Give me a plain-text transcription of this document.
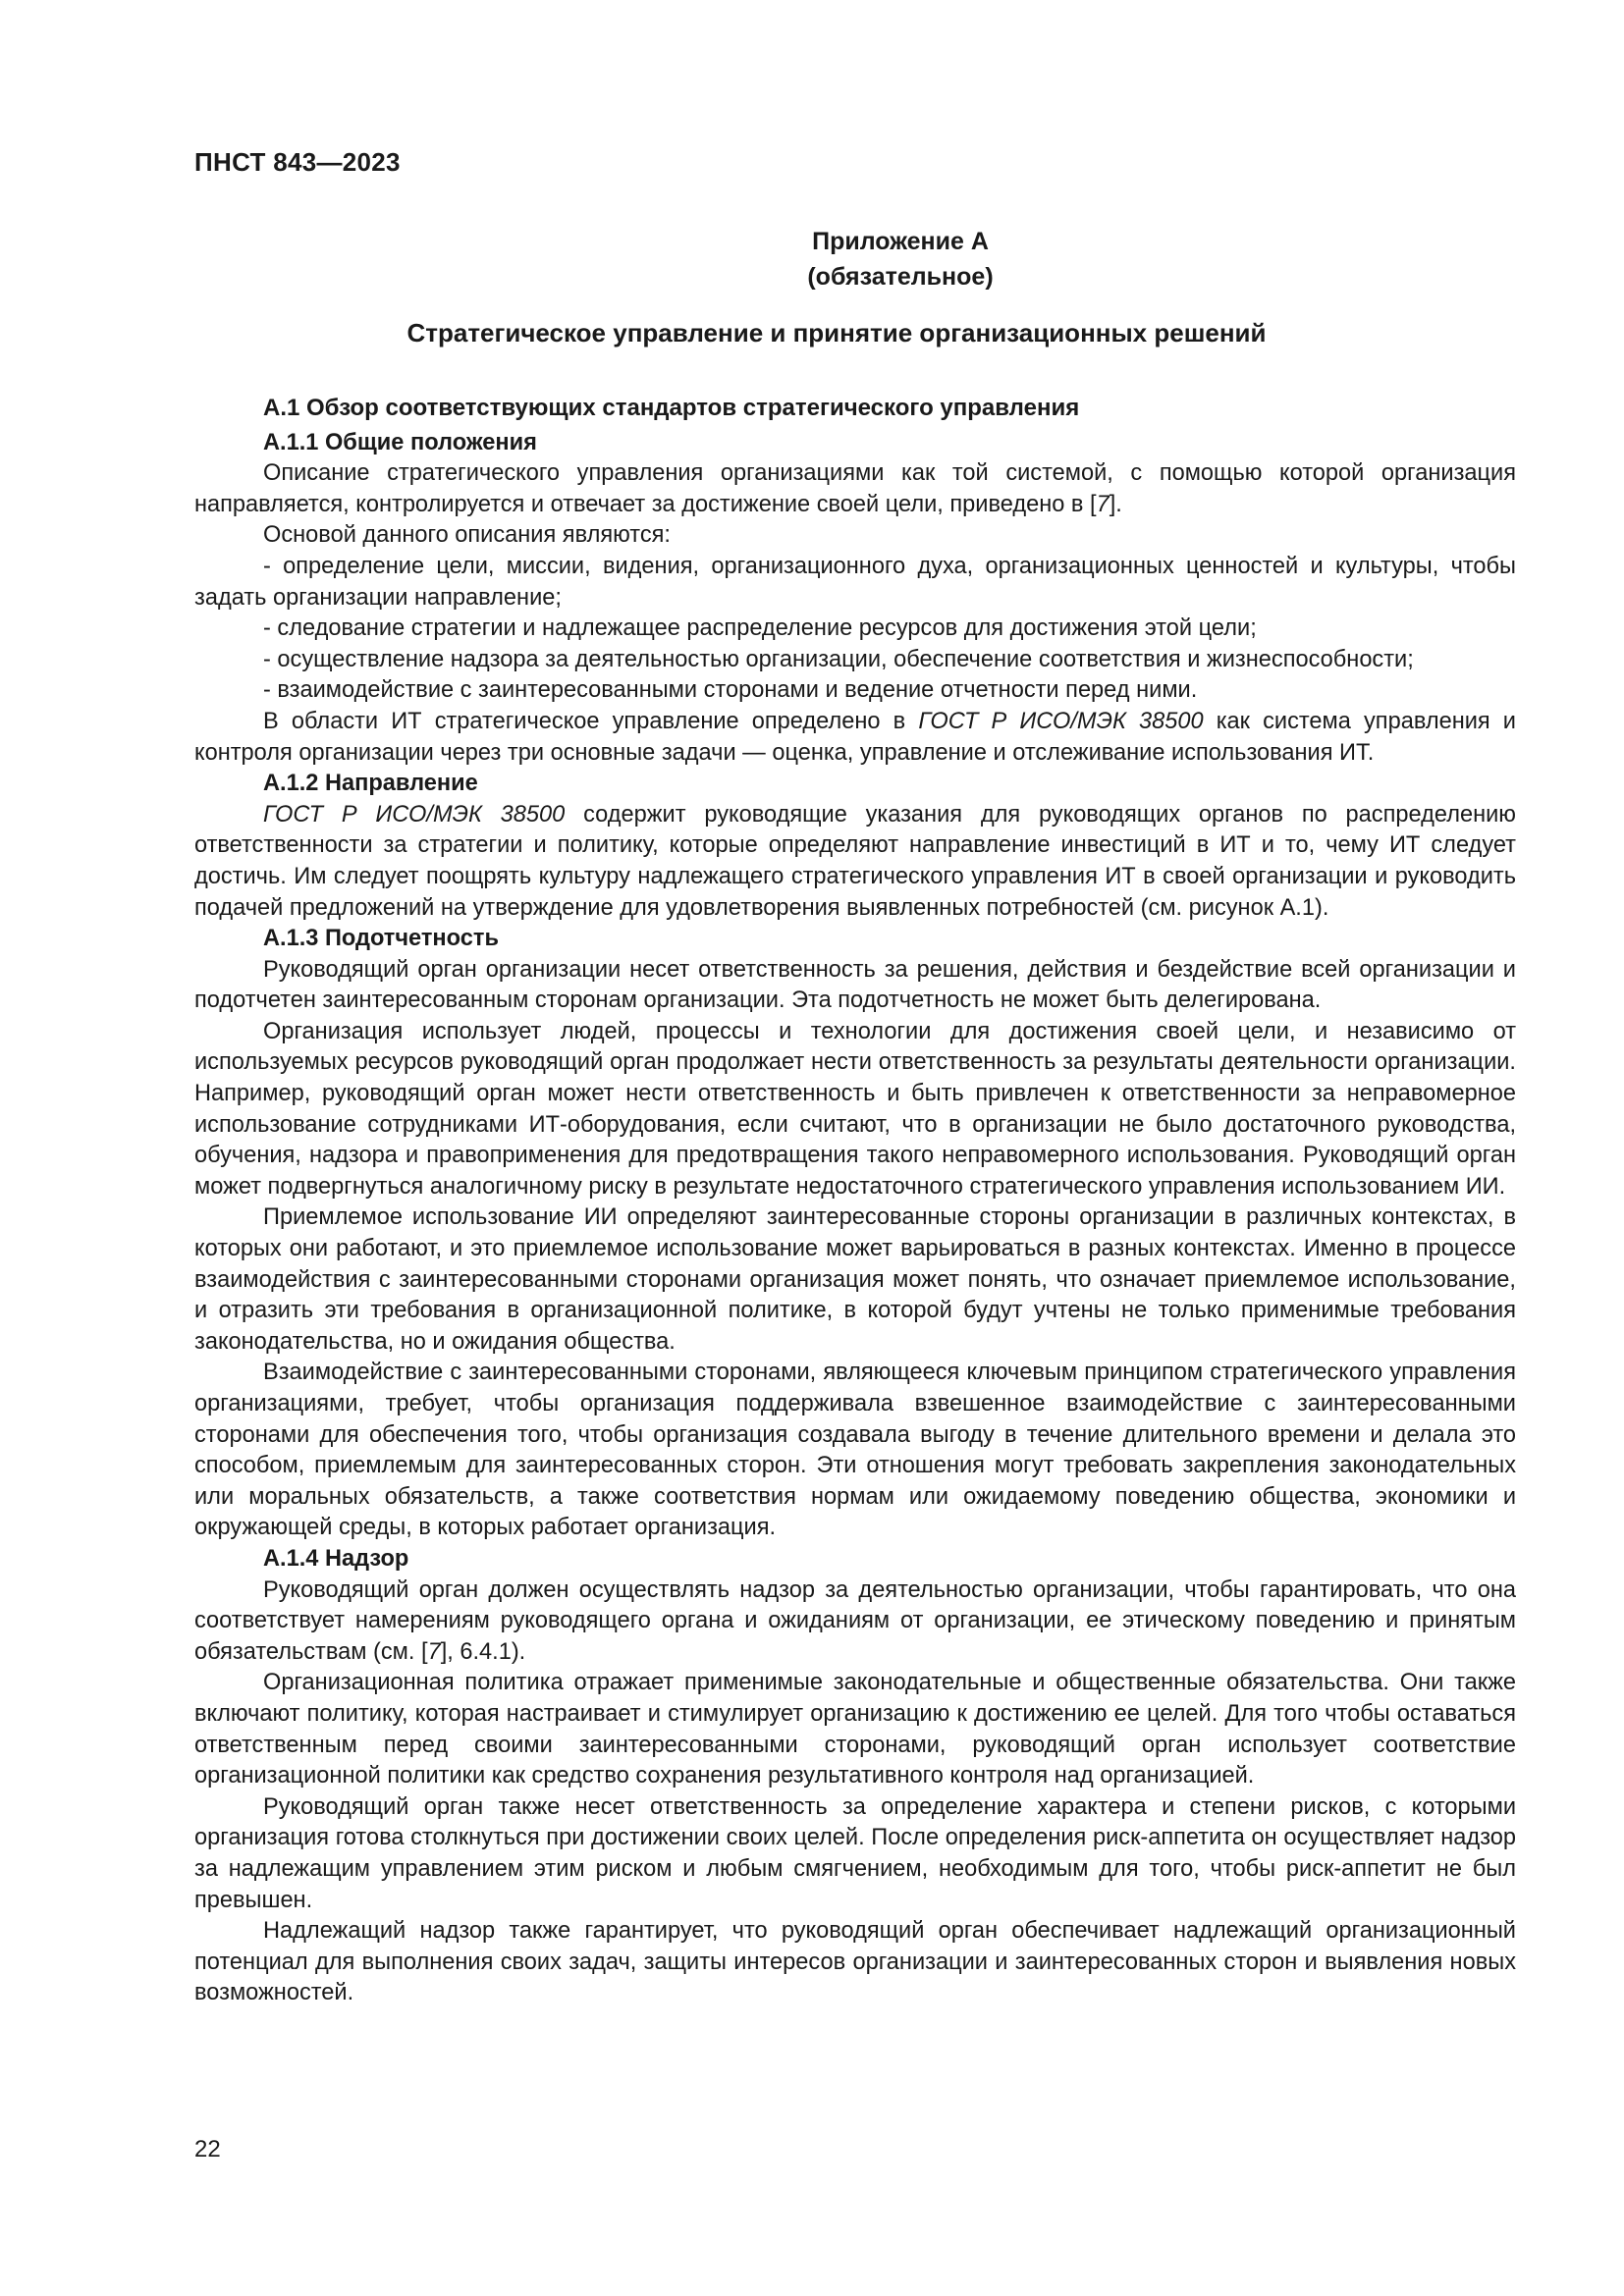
ПНСТ 843—2023
Приложение А
(обязательное)
Стратегическое управление и принятие организационных решений
А.1 Обзор соответствующих стандартов стратегического управления
А.1.1 Общие положения

Описание стратегического управления организациями как той системой, с помощью которой организация направляется, контролируется и отвечает за достижение своей цели, приведено в [7].

Основой данного описания являются:

- определение цели, миссии, видения, организационного духа, организационных ценностей и культуры, чтобы задать организации направление;

- следование стратегии и надлежащее распределение ресурсов для достижения этой цели;

- осуществление надзора за деятельностью организации, обеспечение соответствия и жизнеспособности;

- взаимодействие с заинтересованными сторонами и ведение отчетности перед ними.

В области ИТ стратегическое управление определено в ГОСТ Р ИСО/МЭК 38500 как система управления и контроля организации через три основные задачи — оценка, управление и отслеживание использования ИТ.

А.1.2 Направление

ГОСТ Р ИСО/МЭК 38500 содержит руководящие указания для руководящих органов по распределению ответственности за стратегии и политику, которые определяют направление инвестиций в ИТ и то, чему ИТ следует достичь. Им следует поощрять культуру надлежащего стратегического управления ИТ в своей организации и руководить подачей предложений на утверждение для удовлетворения выявленных потребностей (см. рисунок А.1).

А.1.3 Подотчетность

Руководящий орган организации несет ответственность за решения, действия и бездействие всей организации и подотчетен заинтересованным сторонам организации. Эта подотчетность не может быть делегирована.

Организация использует людей, процессы и технологии для достижения своей цели, и независимо от используемых ресурсов руководящий орган продолжает нести ответственность за результаты деятельности организации. Например, руководящий орган может нести ответственность и быть привлечен к ответственности за неправомерное использование сотрудниками ИТ-оборудования, если считают, что в организации не было достаточного руководства, обучения, надзора и правоприменения для предотвращения такого неправомерного использования. Руководящий орган может подвергнуться аналогичному риску в результате недостаточного стратегического управления использованием ИИ.

Приемлемое использование ИИ определяют заинтересованные стороны организации в различных контекстах, в которых они работают, и это приемлемое использование может варьироваться в разных контекстах. Именно в процессе взаимодействия с заинтересованными сторонами организация может понять, что означает приемлемое использование, и отразить эти требования в организационной политике, в которой будут учтены не только применимые требования законодательства, но и ожидания общества.

Взаимодействие с заинтересованными сторонами, являющееся ключевым принципом стратегического управления организациями, требует, чтобы организация поддерживала взвешенное взаимодействие с заинтересованными сторонами для обеспечения того, чтобы организация создавала выгоду в течение длительного времени и делала это способом, приемлемым для заинтересованных сторон. Эти отношения могут требовать закрепления законодательных или моральных обязательств, а также соответствия нормам или ожидаемому поведению общества, экономики и окружающей среды, в которых работает организация.

А.1.4 Надзор

Руководящий орган должен осуществлять надзор за деятельностью организации, чтобы гарантировать, что она соответствует намерениям руководящего органа и ожиданиям от организации, ее этическому поведению и принятым обязательствам (см. [7], 6.4.1).

Организационная политика отражает применимые законодательные и общественные обязательства. Они также включают политику, которая настраивает и стимулирует организацию к достижению ее целей. Для того чтобы оставаться ответственным перед своими заинтересованными сторонами, руководящий орган использует соответствие организационной политики как средство сохранения результативного контроля над организацией.

Руководящий орган также несет ответственность за определение характера и степени рисков, с которыми организация готова столкнуться при достижении своих целей. После определения риск-аппетита он осуществляет надзор за надлежащим управлением этим риском и любым смягчением, необходимым для того, чтобы риск-аппетит не был превышен.

Надлежащий надзор также гарантирует, что руководящий орган обеспечивает надлежащий организационный потенциал для выполнения своих задач, защиты интересов организации и заинтересованных сторон и выявления новых возможностей.

22
